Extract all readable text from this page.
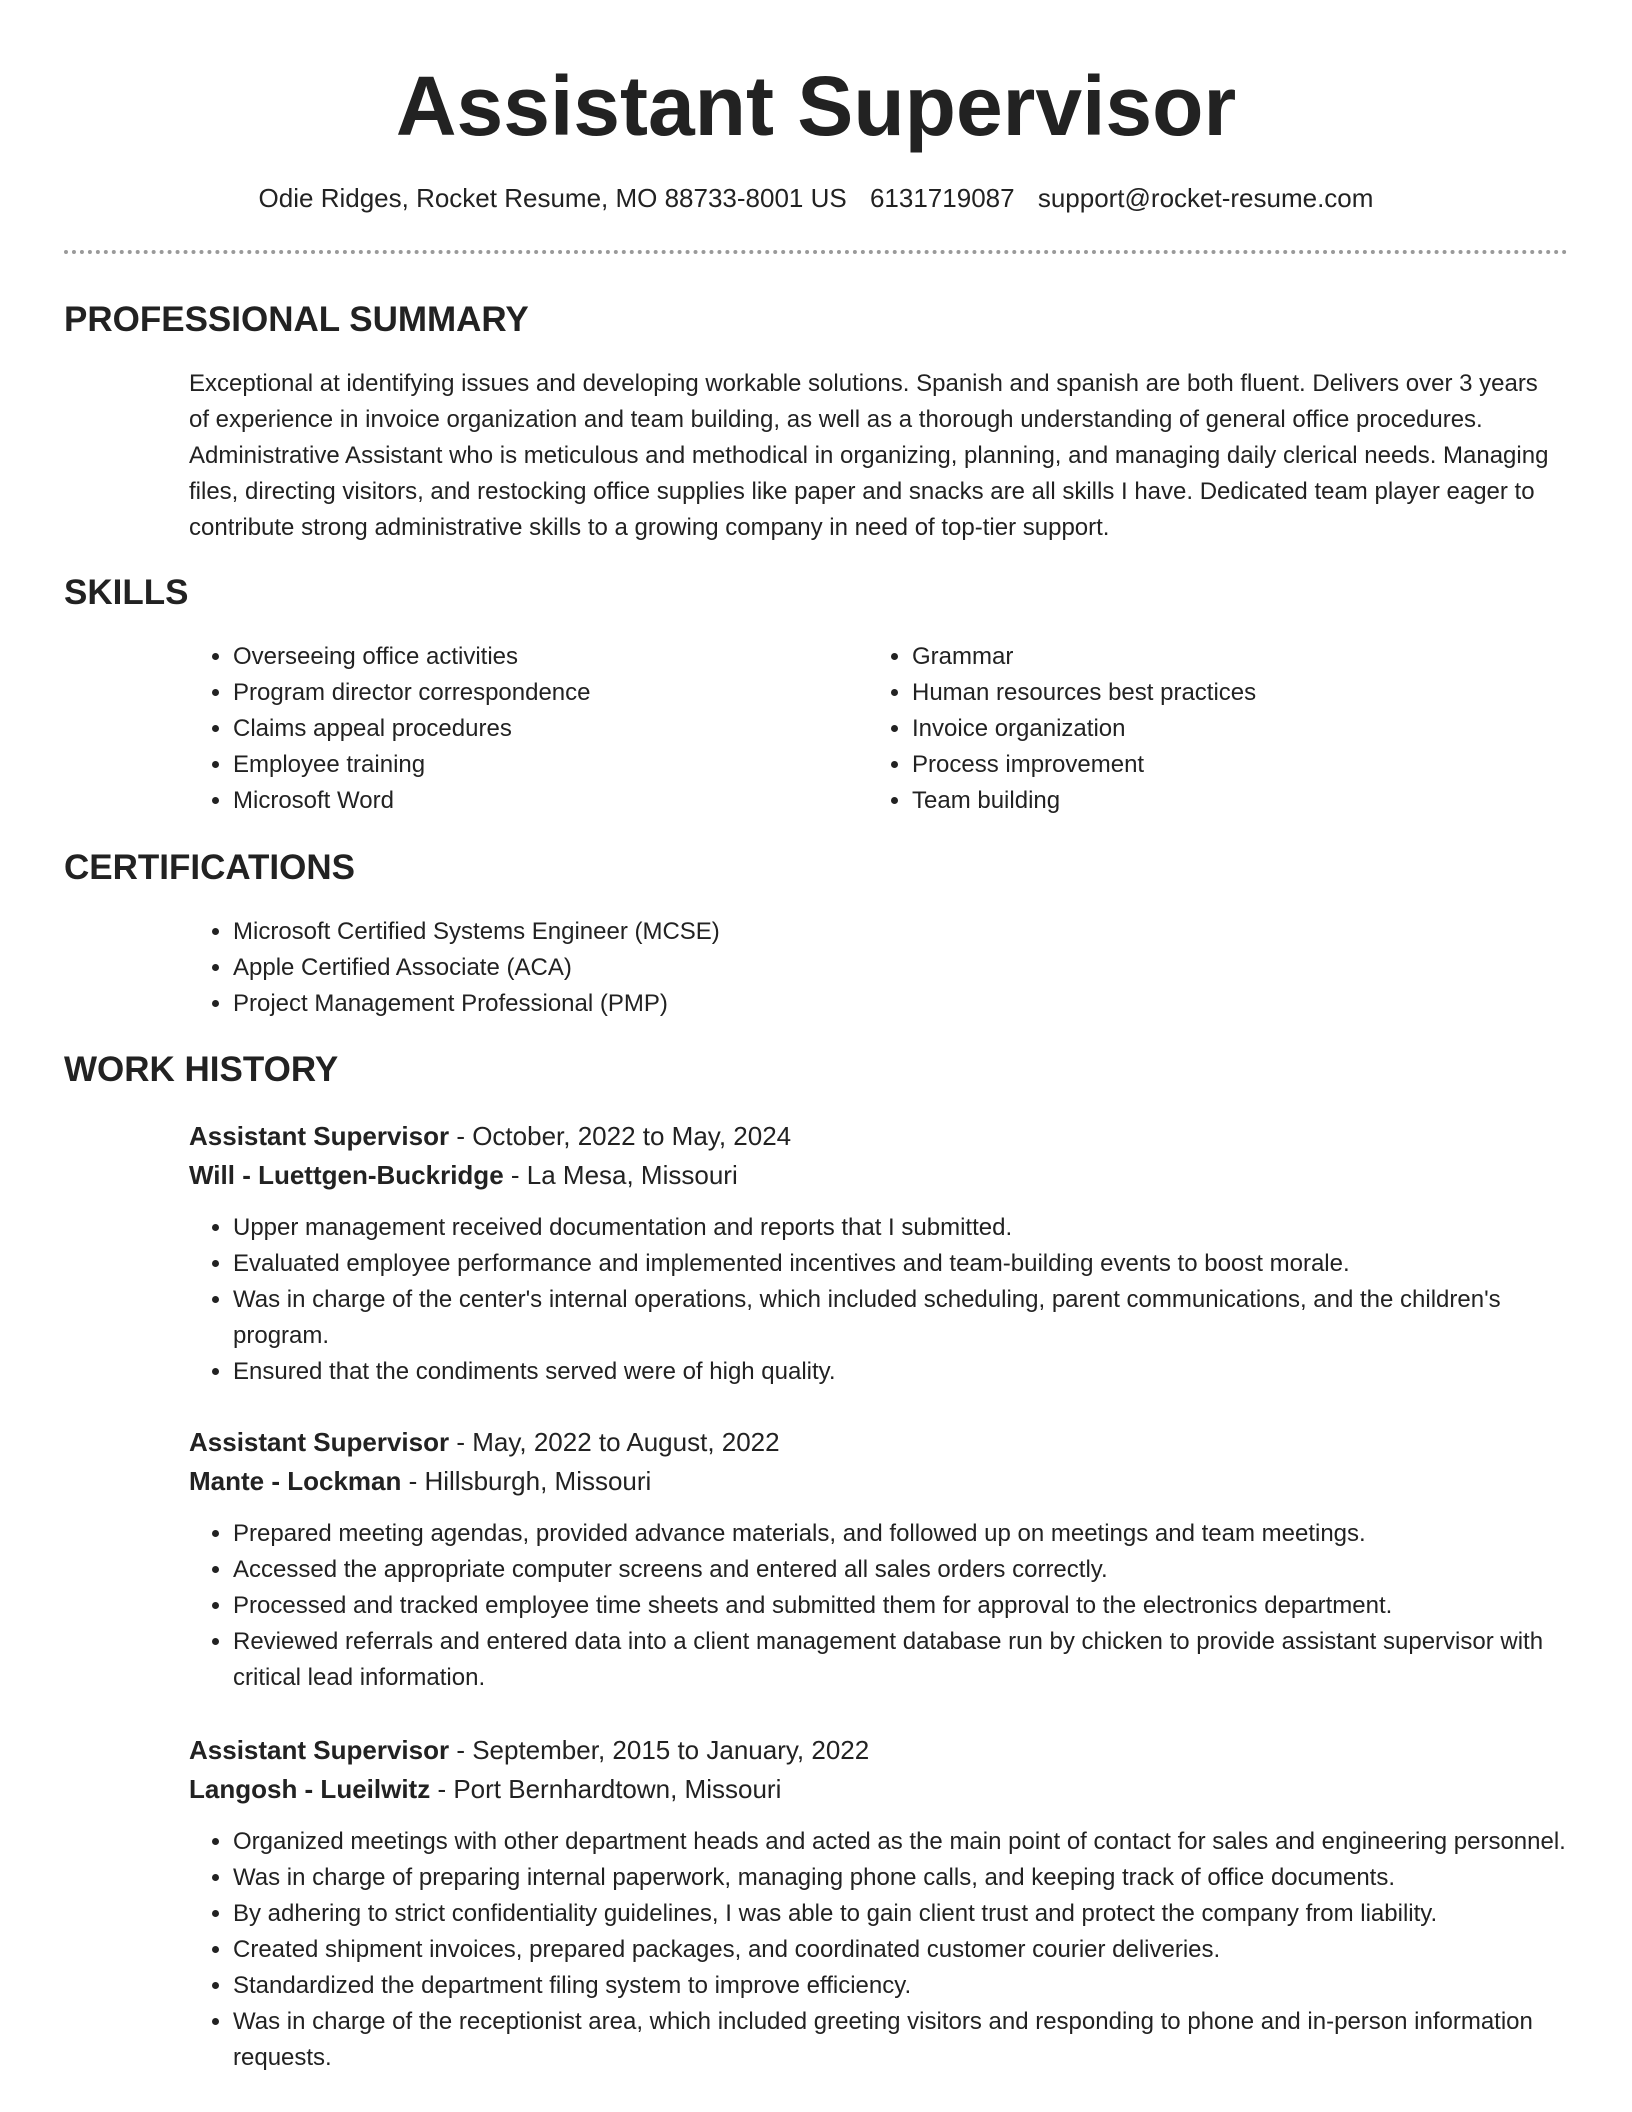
Assistant Supervisor
Odie Ridges, Rocket Resume, MO 88733-8001 US 6131719087 support@rocket-resume.com
PROFESSIONAL SUMMARY

Exceptional at identifying issues and developing workable solutions. Spanish and spanish are both fluent. Delivers over 3 years of experience in invoice organization and team building, as well as a thorough understanding of general office procedures. Administrative Assistant who is meticulous and methodical in organizing, planning, and managing daily clerical needs. Managing files, directing visitors, and restocking office supplies like paper and snacks are all skills I have. Dedicated team player eager to contribute strong administrative skills to a growing company in need of top-tier support.

SKILLS
• Overseeing office activities
• Program director correspondence
• Claims appeal procedures
• Employee training
• Microsoft Word
• Grammar
• Human resources best practices
• Invoice organization
• Process improvement
• Team building
CERTIFICATIONS
• Microsoft Certified Systems Engineer (MCSE)
• Apple Certified Associate (ACA)
• Project Management Professional (PMP)
WORK HISTORY

Assistant Supervisor - October, 2022 to May, 2024

Will - Luettgen-Buckridge - La Mesa, Missouri

• Upper management received documentation and reports that I submitted.
• Evaluated employee performance and implemented incentives and team-building events to boost morale.
• Was in charge of the center's internal operations, which included scheduling, parent communications, and the children's program.
• Ensured that the condiments served were of high quality.

Assistant Supervisor - May, 2022 to August, 2022

Mante - Lockman - Hillsburgh, Missouri

• Prepared meeting agendas, provided advance materials, and followed up on meetings and team meetings.
• Accessed the appropriate computer screens and entered all sales orders correctly.
• Processed and tracked employee time sheets and submitted them for approval to the electronics department.
• Reviewed referrals and entered data into a client management database run by chicken to provide assistant supervisor with critical lead information.

Assistant Supervisor - September, 2015 to January, 2022

Langosh - Lueilwitz - Port Bernhardtown, Missouri

• Organized meetings with other department heads and acted as the main point of contact for sales and engineering personnel.
• Was in charge of preparing internal paperwork, managing phone calls, and keeping track of office documents.
• By adhering to strict confidentiality guidelines, I was able to gain client trust and protect the company from liability.
• Created shipment invoices, prepared packages, and coordinated customer courier deliveries.
• Standardized the department filing system to improve efficiency.
• Was in charge of the receptionist area, which included greeting visitors and responding to phone and in-person information requests.
